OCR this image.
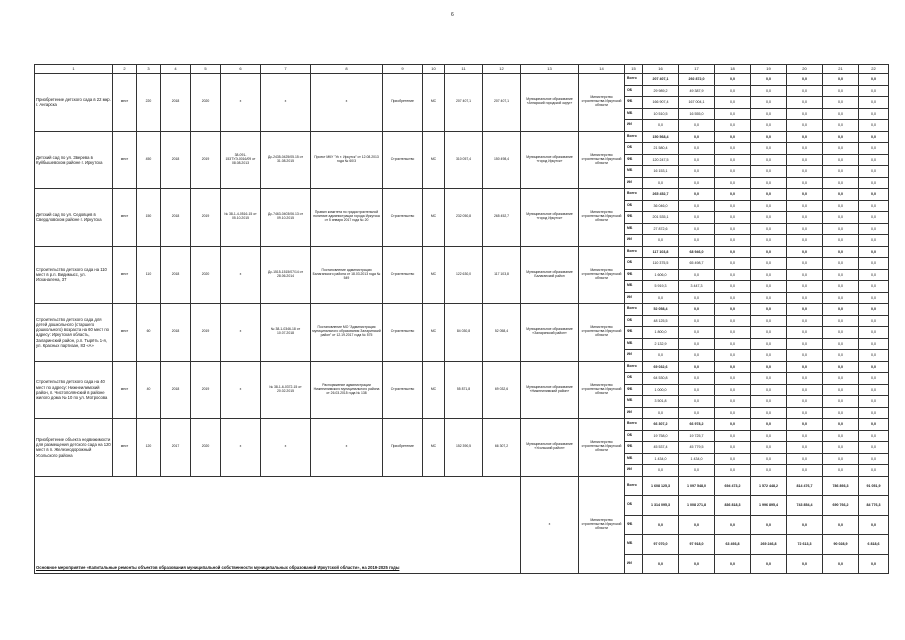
6
1	2	3	4	5	6	7	8	9	10	11	12	13	14	15	16	17	18	19	20	21	22
Приобретение детского сада в 22 мкр. г. Ангарска	мест	220	2018	2020	х	х	х	Приобретение	МС	207 407,1	207 407,1	Муниципальное образование «Ангарский городской округ»	Министерство строительства Иркутской области	Всего	207 407,1	292 872,0	0,0	0,0	0,0	0,0	0,0
														ОБ	29 989,2	49 387,9	0,0	0,0	0,0	0,0	0,0
														ФБ	166 907,4	167 004,1	0,0	0,0	0,0	0,0	0,0
														МБ	10 510,5	16 555,0	0,0	0,0	0,0	0,0	0,0
														ИИ	0,0	0,0	0,0	0,0	0,0	0,0	0,0
Детский сад по ул. Зверева в Куйбышевском районе г. Иркутска	мест	450	2018	2019	38-091-153ТУЭ-0016/09 от 08.08.2013	Дс-2435-0425/05.15 от 31.08.2015	Проект МКУ "Ус т. Иркутск" от 12.08.2013 года № 60/3	Строительство	МС	310 057,4	150 498,4	Муниципальное образование «город Иркутск»	Министерство строительства Иркутской области	Всего	150 568,4	0,0	0,0	0,0	0,0	0,0	0,0
														ОБ	21 580,4	0,0	0,0	0,0	0,0	0,0	0,0
														ФБ	120 247,5	0,0	0,0	0,0	0,0	0,0	0,0
														МБ	16 153,1	0,0	0,0	0,0	0,0	0,0	0,0
														ИИ	0,0	0,0	0,0	0,0	0,0	0,0	0,0
Детский сад по ул. Седовцев в Свердловском районе г. Иркутска	мест	150	2018	2019	№ 38-1-4-0516-15 от 05.10.2015	Дс-7463-0403/06.13 от 09.10.2015	Правил комитета по градостроительной политике администрации города Иркутска от 5 января 2017 года № 20	Строительство	МС	232 050,8	265 452,7	Муниципальное образование «город Иркутск»	Министерство строительства Иркутской области	Всего	265 452,7	0,0	0,0	0,0	0,0	0,0	0,0
														ОБ	36 046,0	0,0	0,0	0,0	0,0	0,0	0,0
														ФБ	201 535,1	0,0	0,0	0,0	0,0	0,0	0,0
														МБ	27 872,6	0,0	0,0	0,0	0,0	0,0	0,0
														ИИ	0,0	0,0	0,0	0,0	0,0	0,0	0,0
Строительство детского сада на 110 мест в р.п. Видимысс, ул. Исканалена, 37	мест	110	2018	2020	х	Дс-1515-1515/07/14 от 28.06.2014	Постановление администрации Балаганского района от 18.03.2013 года № 549	Строительство	МС	122 630,0	117 103,8	Муниципальное образование Балаганский район	Министерство строительства Иркутской области	Всего	117 103,8	68 946,0	0,0	0,0	0,0	0,0	0,0
														ОБ	110 375,5	65 498,7	0,0	0,0	0,0	0,0	0,0
														ФБ	1 606,0	0,0	0,0	0,0	0,0	0,0	0,0
														МБ	5 919,3	3 447,3	0,0	0,0	0,0	0,0	0,0
														ИИ	0,0	0,0	0,0	0,0	0,0	0,0	0,0
Строительство детского сада для детей дошкольного (старшего дошкольного) возраста на 60 мест по адресу: Иркутская область, Заларинский район, р.п. Тырёть 1-я, ул. Красных партизан, 83 «А»	мест	60	2018	2019	х	№ 38-1-0346-18 от 10.07.2018	Постановление МО "Администрация муниципального образования Заларинский район" от 12.19.2017 года № 575	Строительство	МС	84 030,8	52 058,4	Муниципальное образование «Заларинский район»	Министерство строительства Иркутской области	Всего	52 058,4	0,0	0,0	0,0	0,0	0,0	0,0
														ОБ	48 125,5	0,0	0,0	0,0	0,0	0,0	0,0
														ФБ	1 800,0	0,0	0,0	0,0	0,0	0,0	0,0
														МБ	2 132,9	0,0	0,0	0,0	0,0	0,0	0,0
														ИИ	0,0	0,0	0,0	0,0	0,0	0,0	0,0
Строительство детского сада на 40 мест по адресу: Нижнеилимский район, п. Чистополянский в районе жилого дома № 10 по ул. Мотросова	мест	40	2018	2019	х	№ 38-1-6-0372-15 от 20.02.2015	Распоряжение администрации Нижнеилимского муниципального района от 26.03.2015 года № 138	Строительство	МС	55 871,8	69 032,6	Муниципальное образование «Нижнеилимский район»	Министерство строительства Иркутской области	Всего	69 032,6	0,0	0,0	0,0	0,0	0,0	0,0
														ОБ	64 530,8	0,0	0,0	0,0	0,0	0,0	0,0
														ФБ	1 000,0	0,0	0,0	0,0	0,0	0,0	0,0
														МБ	3 501,8	0,0	0,0	0,0	0,0	0,0	0,0
														ИИ	0,0	0,0	0,0	0,0	0,0	0,0	0,0
Приобретение объекта недвижимости для размещения детского сада на 120 мест в п. Железнодорожный Усольского района	мест	120	2017	2020	х	х	х	Приобретение	МС	152 390,5	66 307,2	Муниципальное образование «Усольский район»	Министерство строительства Иркутской области	Всего	66 307,2	66 978,2	0,0	0,0	0,0	0,0	0,0
														ОБ	19 758,0	19 725,7	0,0	0,0	0,0	0,0	0,0
														ФБ	45 537,4	45 779,5	0,0	0,0	0,0	0,0	0,0
														МБ	1 434,0	1 434,0	0,0	0,0	0,0	0,0	0,0
														ИИ	0,0	0,0	0,0	0,0	0,0	0,0	0,0
Основное мероприятие «Капитальные ремонты объектов образования муниципальной собственности муниципальных образований Иркутской области», на 2019-2025 годы												х	Министерство строительства Иркутской области	Всего	1 608 125,3	1 097 548,0	694 473,2	1 572 448,2	814 476,7	786 893,3	91 051,9
														ОБ	1 314 095,3	1 008 271,8	836 818,3	1 996 895,4	743 854,4	690 766,2	84 776,3
														ФБ	0,0	0,0	0,0	0,0	0,0	0,0	0,0
														МБ	97 070,0	97 918,0	63 493,8	269 246,8	72 613,3	90 028,9	6 818,6
														ИИ	0,0	0,0	0,0	0,0	0,0	0,0	0,0
